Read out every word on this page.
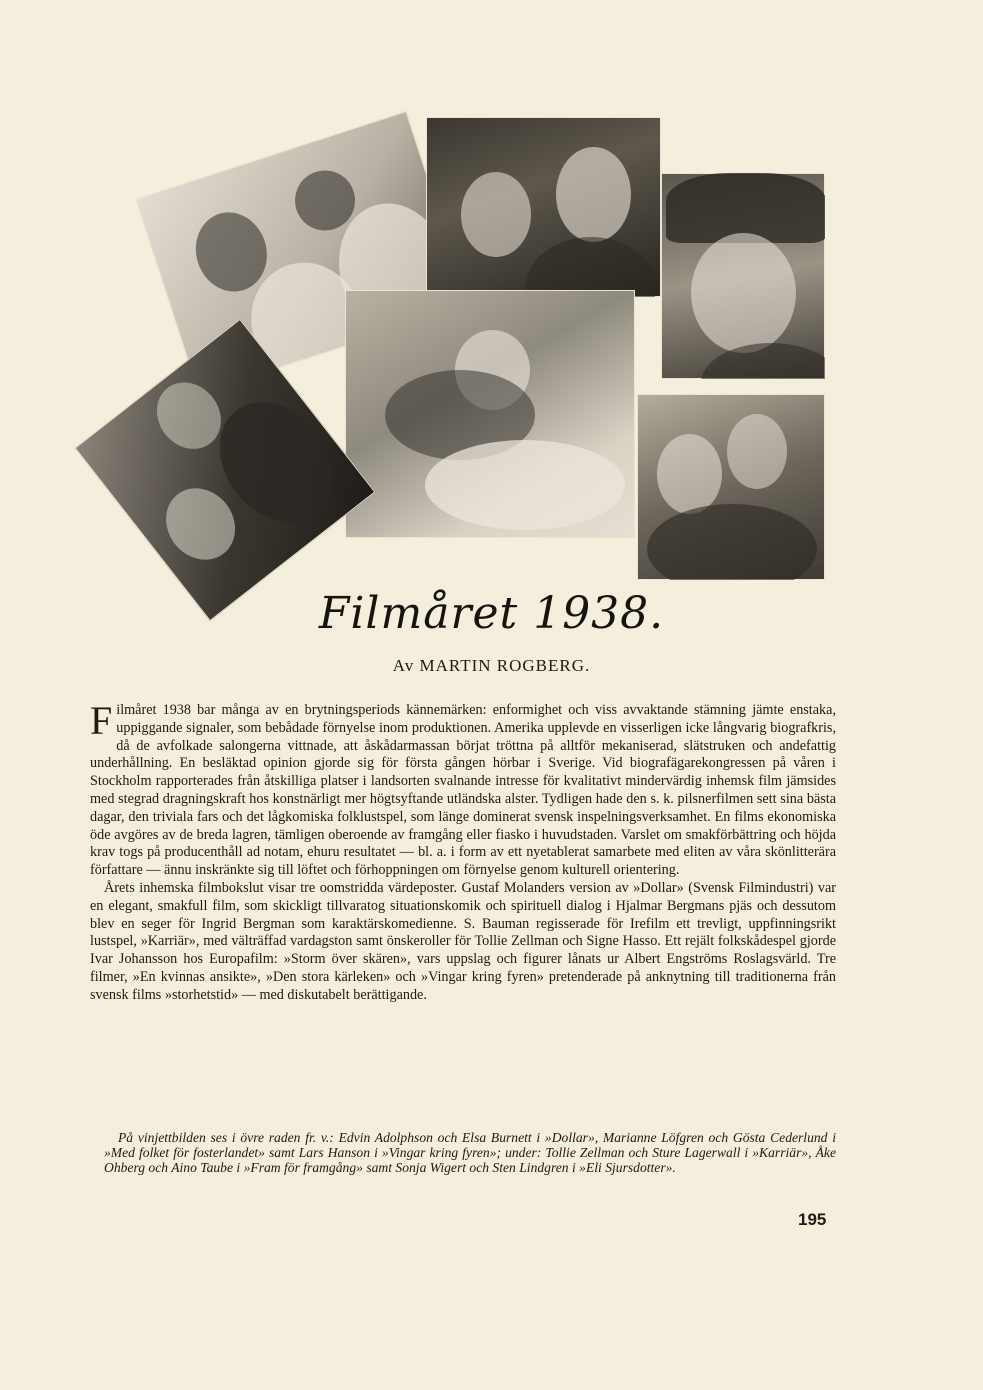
Filmåret 1938.
Av MARTIN ROGBERG.

Filmåret 1938 bar många av en brytningsperiods kännemärken: enformighet och viss avvaktande stämning jämte enstaka, uppiggande signaler, som bebådade förnyelse inom produktionen. Amerika upplevde en visserligen icke långvarig biografkris, då de avfolkade salongerna vittnade, att åskådarmassan börjat tröttna på alltför mekaniserad, slätstruken och andefattig underhållning. En besläktad opinion gjorde sig för första gången hörbar i Sverige. Vid biografägarekongressen på våren i Stockholm rapporterades från åtskilliga platser i landsorten svalnande intresse för kvalitativt mindervärdig inhemsk film jämsides med stegrad dragningskraft hos konstnärligt mer högtsyftande utländska alster. Tydligen hade den s. k. pilsnerfilmen sett sina bästa dagar, den triviala fars och det lågkomiska folklustspel, som länge dominerat svensk inspelningsverksamhet. En films ekonomiska öde avgöres av de breda lagren, tämligen oberoende av framgång eller fiasko i huvudstaden. Varslet om smakförbättring och höjda krav togs på producenthåll ad notam, ehuru resultatet — bl. a. i form av ett nyetablerat samarbete med eliten av våra skönlitterära författare — ännu inskränkte sig till löftet och förhoppningen om förnyelse genom kulturell orientering.

Årets inhemska filmbokslut visar tre oomstridda värdeposter. Gustaf Molanders version av »Dollar» (Svensk Filmindustri) var en elegant, smakfull film, som skickligt tillvaratog situationskomik och spirituell dialog i Hjalmar Bergmans pjäs och dessutom blev en seger för Ingrid Bergman som karaktärskomedienne. S. Bauman regisserade för Irefilm ett trevligt, uppfinningsrikt lustspel, »Karriär», med välträffad vardagston samt önskeroller för Tollie Zellman och Signe Hasso. Ett rejält folkskådespel gjorde Ivar Johansson hos Europafilm: »Storm över skären», vars uppslag och figurer lånats ur Albert Engströms Roslagsvärld. Tre filmer, »En kvinnas ansikte», »Den stora kärleken» och »Vingar kring fyren» pretenderade på anknytning till traditionerna från svensk films »storhetstid» — med diskutabelt berättigande.

På vinjettbilden ses i övre raden fr. v.: Edvin Adolphson och Elsa Burnett i »Dollar», Marianne Löfgren och Gösta Cederlund i »Med folket för fosterlandet» samt Lars Hanson i »Vingar kring fyren»; under: Tollie Zellman och Sture Lagerwall i »Karriär», Åke Ohberg och Aino Taube i »Fram för framgång» samt Sonja Wigert och Sten Lindgren i »Eli Sjursdotter».
195
